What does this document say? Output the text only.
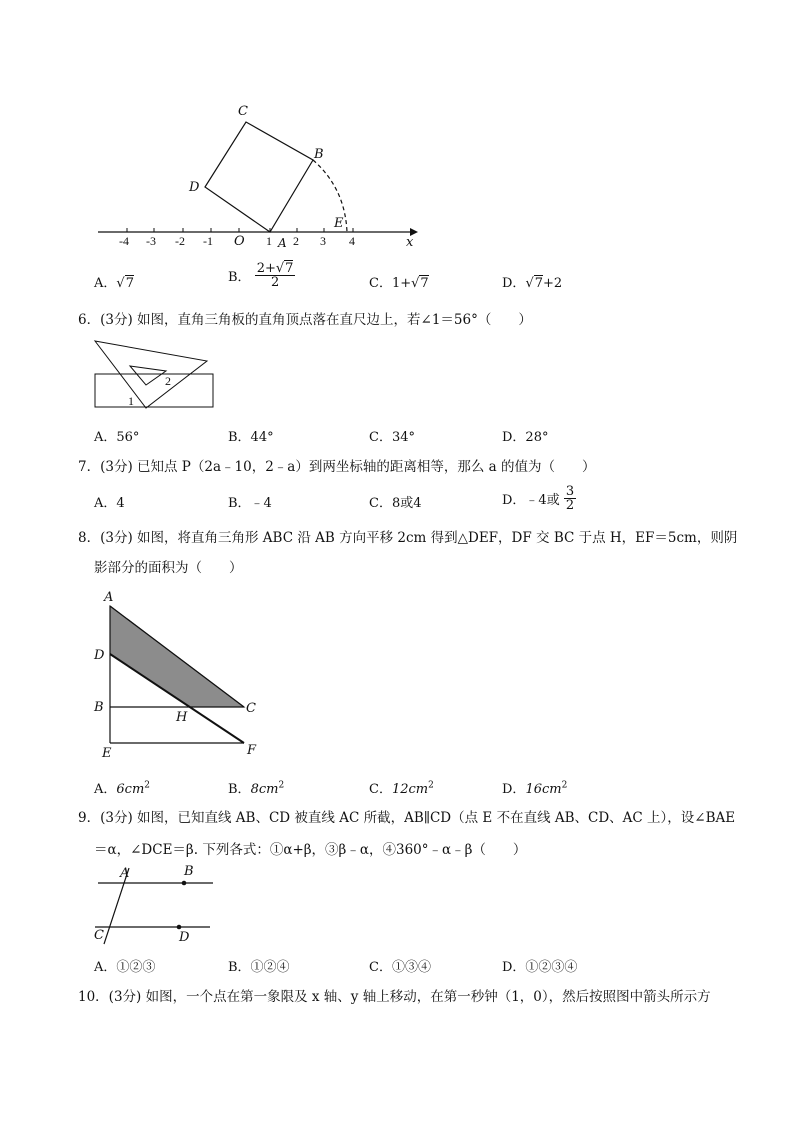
C
B
D
E
x
-4 -3 -2 -1 O 1 A 2 3 4
A．√7	B． $\frac{2+√7}{2}$	C．1+√7	D．√7+2
6．(3分) 如图，直角三角板的直角顶点落在直尺边上，若∠1＝56°（　　）
2
1
A．56°	B．44°	C．34°	D．28°
7．(3分) 已知点 P（2a﹣10，2﹣a）到两坐标轴的距离相等，那么 a 的值为（　　）
A．4	B．﹣4	C．8或4	D．﹣4或 $\frac{3}{2}$
8．(3分) 如图，将直角三角形 ABC 沿 AB 方向平移 2cm 得到△DEF，DF 交 BC 于点 H，EF＝5cm，则阴
影部分的面积为（　　）
A
D
B
H
C
E	F
A．$6cm^2$	B．$8cm^2$	C．$12cm^2$	D．$16cm^2$
9．(3分) 如图，已知直线 AB、CD 被直线 AC 所截，AB∥CD（点 E 不在直线 AB、CD、AC 上），设∠BAE
＝α，∠DCE＝β. 下列各式：①α+β，③β﹣α，④360°﹣α﹣β（　　）
A	B
C	D
A．①②③	B．①②④	C．①③④	D．①②③④
10．(3分) 如图，一个点在第一象限及 x 轴、y 轴上移动，在第一秒钟（1，0），然后按照图中箭头所示方
